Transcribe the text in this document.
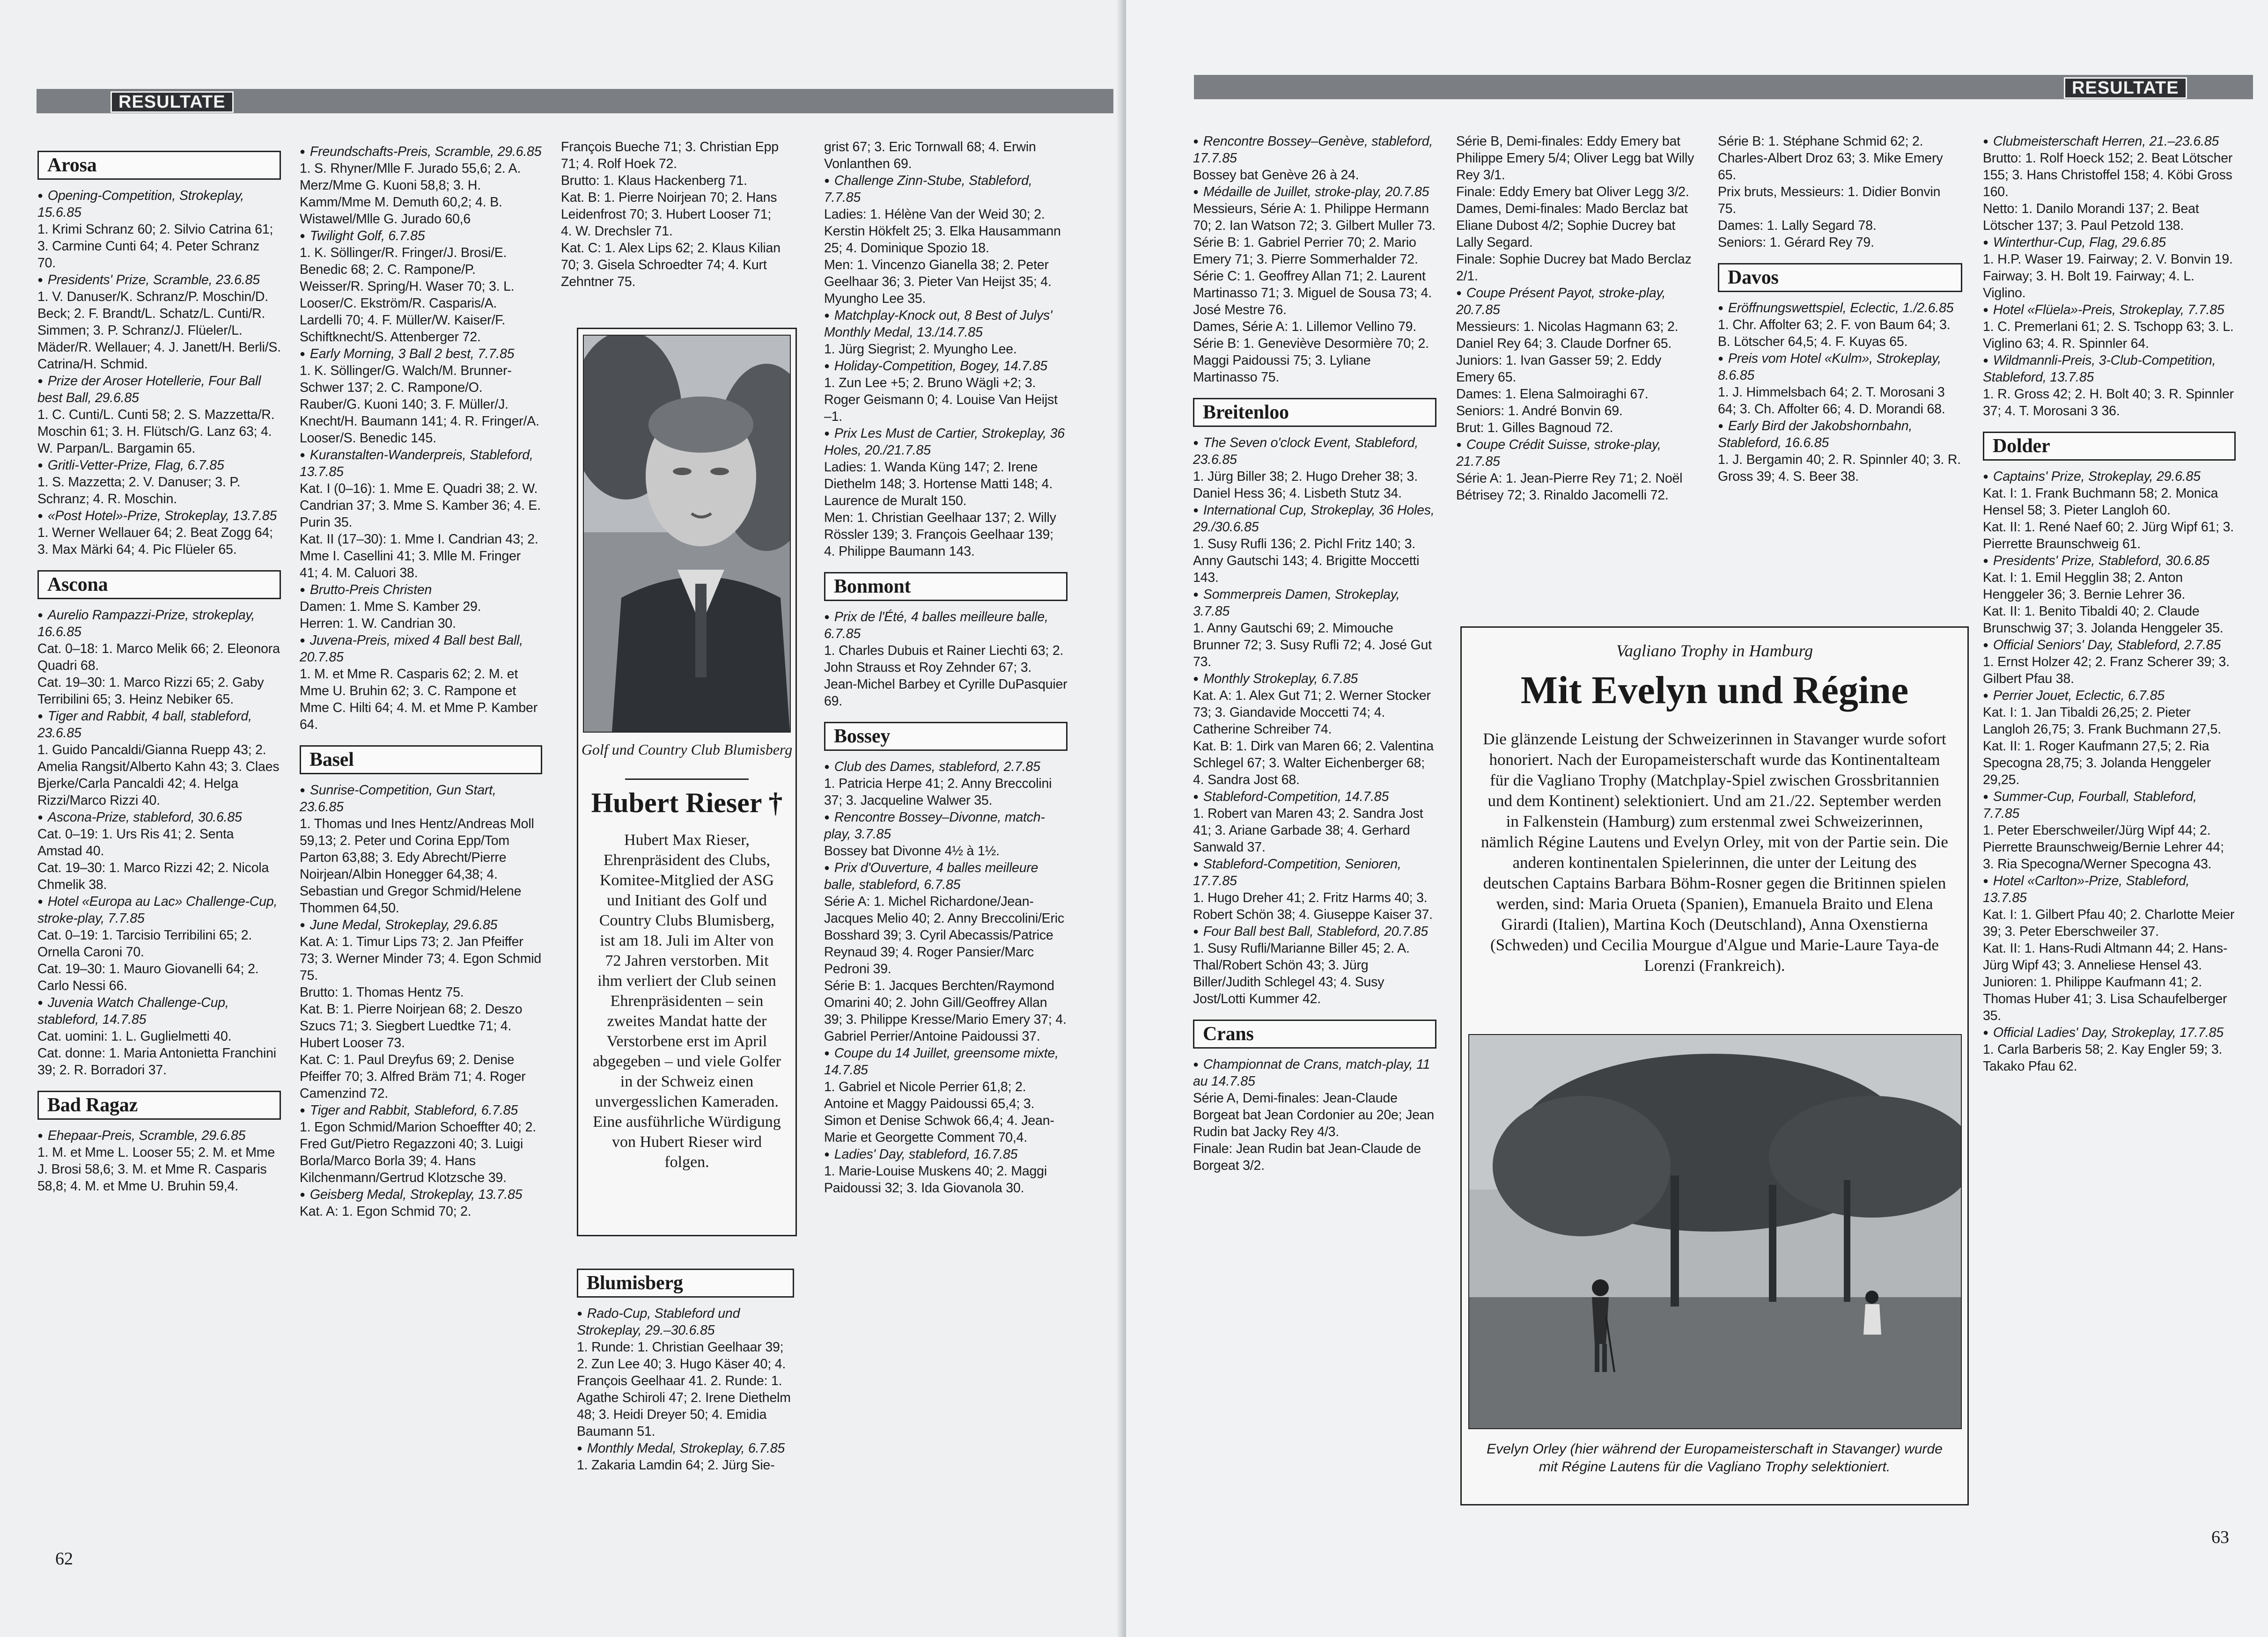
RESULTATE
Arosa
● Opening-Competition, Strokeplay, 15.6.85
1. Krimi Schranz 60; 2. Silvio Catrina 61; 3. Carmine Cunti 64; 4. Peter Schranz 70.
● Presidents' Prize, Scramble, 23.6.85
1. V. Danuser/K. Schranz/P. Moschin/D. Beck; 2. F. Brandt/L. Schatz/L. Cunti/R. Simmen; 3. P. Schranz/J. Flüeler/L. Mäder/R. Wellauer; 4. J. Janett/H. Berli/S. Catrina/H. Schmid.
● Prize der Aroser Hotellerie, Four Ball best Ball, 29.6.85
1. C. Cunti/L. Cunti 58; 2. S. Mazzetta/R. Moschin 61; 3. H. Flütsch/G. Lanz 63; 4. W. Parpan/L. Bargamin 65.
● Gritli-Vetter-Prize, Flag, 6.7.85
1. S. Mazzetta; 2. V. Danuser; 3. P. Schranz; 4. R. Moschin.
● «Post Hotel»-Prize, Strokeplay, 13.7.85
1. Werner Wellauer 64; 2. Beat Zogg 64; 3. Max Märki 64; 4. Pic Flüeler 65.
Ascona
● Aurelio Rampazzi-Prize, strokeplay, 16.6.85
Cat. 0–18: 1. Marco Melik 66; 2. Eleonora Quadri 68.
Cat. 19–30: 1. Marco Rizzi 65; 2. Gaby Terribilini 65; 3. Heinz Nebiker 65.
● Tiger and Rabbit, 4 ball, stableford, 23.6.85
1. Guido Pancaldi/Gianna Ruepp 43; 2. Amelia Rangsit/Alberto Kahn 43; 3. Claes Bjerke/Carla Pancaldi 42; 4. Helga Rizzi/Marco Rizzi 40.
● Ascona-Prize, stableford, 30.6.85
Cat. 0–19: 1. Urs Ris 41; 2. Senta Amstad 40.
Cat. 19–30: 1. Marco Rizzi 42; 2. Nicola Chmelik 38.
● Hotel «Europa au Lac» Challenge-Cup, stroke-play, 7.7.85
Cat. 0–19: 1. Tarcisio Terribilini 65; 2. Ornella Caroni 70.
Cat. 19–30: 1. Mauro Giovanelli 64; 2. Carlo Nessi 66.
● Juvenia Watch Challenge-Cup, stableford, 14.7.85
Cat. uomini: 1. L. Guglielmetti 40.
Cat. donne: 1. Maria Antonietta Franchini 39; 2. R. Borradori 37.
Bad Ragaz
● Ehepaar-Preis, Scramble, 29.6.85
1. M. et Mme L. Looser 55; 2. M. et Mme J. Brosi 58,6; 3. M. et Mme R. Casparis 58,8; 4. M. et Mme U. Bruhin 59,4.
● Freundschafts-Preis, Scramble, 29.6.85
1. S. Rhyner/Mlle F. Jurado 55,6; 2. A. Merz/Mme G. Kuoni 58,8; 3. H. Kamm/Mme M. Demuth 60,2; 4. B. Wistawel/Mlle G. Jurado 60,6
● Twilight Golf, 6.7.85
1. K. Söllinger/R. Fringer/J. Brosi/E. Benedic 68; 2. C. Rampone/P. Weisser/R. Spring/H. Waser 70; 3. L. Looser/C. Ekström/R. Casparis/A. Lardelli 70; 4. F. Müller/W. Kaiser/F. Schiftknecht/S. Attenberger 72.
● Early Morning, 3 Ball 2 best, 7.7.85
1. K. Söllinger/G. Walch/M. Brunner-Schwer 137; 2. C. Rampone/O. Rauber/G. Kuoni 140; 3. F. Müller/J. Knecht/H. Baumann 141; 4. R. Fringer/A. Looser/S. Benedic 145.
● Kuranstalten-Wanderpreis, Stableford, 13.7.85
Kat. I (0–16): 1. Mme E. Quadri 38; 2. W. Candrian 37; 3. Mme S. Kamber 36; 4. E. Purin 35.
Kat. II (17–30): 1. Mme I. Candrian 43; 2. Mme I. Casellini 41; 3. Mlle M. Fringer 41; 4. M. Caluori 38.
● Brutto-Preis Christen
Damen: 1. Mme S. Kamber 29.
Herren: 1. W. Candrian 30.
● Juvena-Preis, mixed 4 Ball best Ball, 20.7.85
1. M. et Mme R. Casparis 62; 2. M. et Mme U. Bruhin 62; 3. C. Rampone et Mme C. Hilti 64; 4. M. et Mme P. Kamber 64.
Basel
● Sunrise-Competition, Gun Start, 23.6.85
1. Thomas und Ines Hentz/Andreas Moll 59,13; 2. Peter und Corina Epp/Tom Parton 63,88; 3. Edy Abrecht/Pierre Noirjean/Albin Honegger 64,38; 4. Sebastian und Gregor Schmid/Helene Thommen 64,50.
● June Medal, Strokeplay, 29.6.85
Kat. A: 1. Timur Lips 73; 2. Jan Pfeiffer 73; 3. Werner Minder 73; 4. Egon Schmid 75.
Brutto: 1. Thomas Hentz 75.
Kat. B: 1. Pierre Noirjean 68; 2. Deszo Szucs 71; 3. Siegbert Luedtke 71; 4. Hubert Looser 73.
Kat. C: 1. Paul Dreyfus 69; 2. Denise Pfeiffer 70; 3. Alfred Bräm 71; 4. Roger Camenzind 72.
● Tiger and Rabbit, Stableford, 6.7.85
1. Egon Schmid/Marion Schoeffter 40; 2. Fred Gut/Pietro Regazzoni 40; 3. Luigi Borla/Marco Borla 39; 4. Hans Kilchenmann/Gertrud Klotzsche 39.
● Geisberg Medal, Strokeplay, 13.7.85
Kat. A: 1. Egon Schmid 70; 2.
François Bueche 71; 3. Christian Epp 71; 4. Rolf Hoek 72.
Brutto: 1. Klaus Hackenberg 71.
Kat. B: 1. Pierre Noirjean 70; 2. Hans Leidenfrost 70; 3. Hubert Looser 71; 4. W. Drechsler 71.
Kat. C: 1. Alex Lips 62; 2. Klaus Kilian 70; 3. Gisela Schroedter 74; 4. Kurt Zehntner 75.
Golf und Country Club Blumisberg
Hubert Rieser †
Hubert Max Rieser, Ehrenpräsident des Clubs, Komitee-Mitglied der ASG und Initiant des Golf und Country Clubs Blumisberg, ist am 18. Juli im Alter von 72 Jahren verstorben. Mit ihm verliert der Club seinen Ehrenpräsidenten – sein zweites Mandat hatte der Verstorbene erst im April abgegeben – und viele Golfer in der Schweiz einen unvergesslichen Kameraden. Eine ausführliche Würdigung von Hubert Rieser wird folgen.
Blumisberg
● Rado-Cup, Stableford und Strokeplay, 29.–30.6.85
1. Runde: 1. Christian Geelhaar 39; 2. Zun Lee 40; 3. Hugo Käser 40; 4. François Geelhaar 41. 2. Runde: 1. Agathe Schiroli 47; 2. Irene Diethelm 48; 3. Heidi Dreyer 50; 4. Emidia Baumann 51.
● Monthly Medal, Strokeplay, 6.7.85
1. Zakaria Lamdin 64; 2. Jürg Sie-
grist 67; 3. Eric Tornwall 68; 4. Erwin Vonlanthen 69.
● Challenge Zinn-Stube, Stableford, 7.7.85
Ladies: 1. Hélène Van der Weid 30; 2. Kerstin Hökfelt 25; 3. Elka Hausammann 25; 4. Dominique Spozio 18.
Men: 1. Vincenzo Gianella 38; 2. Peter Geelhaar 36; 3. Pieter Van Heijst 35; 4. Myungho Lee 35.
● Matchplay-Knock out, 8 Best of Julys' Monthly Medal, 13./14.7.85
1. Jürg Siegrist; 2. Myungho Lee.
● Holiday-Competition, Bogey, 14.7.85
1. Zun Lee +5; 2. Bruno Wägli +2; 3. Roger Geismann 0; 4. Louise Van Heijst –1.
● Prix Les Must de Cartier, Strokeplay, 36 Holes, 20./21.7.85
Ladies: 1. Wanda Küng 147; 2. Irene Diethelm 148; 3. Hortense Matti 148; 4. Laurence de Muralt 150.
Men: 1. Christian Geelhaar 137; 2. Willy Rössler 139; 3. François Geelhaar 139; 4. Philippe Baumann 143.
Bonmont
● Prix de l'Été, 4 balles meilleure balle, 6.7.85
1. Charles Dubuis et Rainer Liechti 63; 2. John Strauss et Roy Zehnder 67; 3. Jean-Michel Barbey et Cyrille DuPasquier 69.
Bossey
● Club des Dames, stableford, 2.7.85
1. Patricia Herpe 41; 2. Anny Breccolini 37; 3. Jacqueline Walwer 35.
● Rencontre Bossey–Divonne, match-play, 3.7.85
Bossey bat Divonne 4½ à 1½.
● Prix d'Ouverture, 4 balles meilleure balle, stableford, 6.7.85
Série A: 1. Michel Richardone/Jean-Jacques Melio 40; 2. Anny Breccolini/Eric Bosshard 39; 3. Cyril Abecassis/Patrice Reynaud 39; 4. Roger Pansier/Marc Pedroni 39.
Série B: 1. Jacques Berchten/Raymond Omarini 40; 2. John Gill/Geoffrey Allan 39; 3. Philippe Kresse/Mario Emery 37; 4. Gabriel Perrier/Antoine Paidoussi 37.
● Coupe du 14 Juillet, greensome mixte, 14.7.85
1. Gabriel et Nicole Perrier 61,8; 2. Antoine et Maggy Paidoussi 65,4; 3. Simon et Denise Schwok 66,4; 4. Jean-Marie et Georgette Comment 70,4.
● Ladies' Day, stableford, 16.7.85
1. Marie-Louise Muskens 40; 2. Maggi Paidoussi 32; 3. Ida Giovanola 30.
62
RESULTATE
● Rencontre Bossey–Genève, stableford, 17.7.85
Bossey bat Genève 26 à 24.
● Médaille de Juillet, stroke-play, 20.7.85
Messieurs, Série A: 1. Philippe Hermann 70; 2. Ian Watson 72; 3. Gilbert Muller 73.
Série B: 1. Gabriel Perrier 70; 2. Mario Emery 71; 3. Pierre Sommerhalder 72.
Série C: 1. Geoffrey Allan 71; 2. Laurent Martinasso 71; 3. Miguel de Sousa 73; 4. José Mestre 76.
Dames, Série A: 1. Lillemor Vellino 79.
Série B: 1. Geneviève Desormière 70; 2. Maggi Paidoussi 75; 3. Lyliane Martinasso 75.
Breitenloo
● The Seven o'clock Event, Stableford, 23.6.85
1. Jürg Biller 38; 2. Hugo Dreher 38; 3. Daniel Hess 36; 4. Lisbeth Stutz 34.
● International Cup, Strokeplay, 36 Holes, 29./30.6.85
1. Susy Rufli 136; 2. Pichl Fritz 140; 3. Anny Gautschi 143; 4. Brigitte Moccetti 143.
● Sommerpreis Damen, Strokeplay, 3.7.85
1. Anny Gautschi 69; 2. Mimouche Brunner 72; 3. Susy Rufli 72; 4. José Gut 73.
● Monthly Strokeplay, 6.7.85
Kat. A: 1. Alex Gut 71; 2. Werner Stocker 73; 3. Giandavide Moccetti 74; 4. Catherine Schreiber 74.
Kat. B: 1. Dirk van Maren 66; 2. Valentina Schlegel 67; 3. Walter Eichenberger 68; 4. Sandra Jost 68.
● Stableford-Competition, 14.7.85
1. Robert van Maren 43; 2. Sandra Jost 41; 3. Ariane Garbade 38; 4. Gerhard Sanwald 37.
● Stableford-Competition, Senioren, 17.7.85
1. Hugo Dreher 41; 2. Fritz Harms 40; 3. Robert Schön 38; 4. Giuseppe Kaiser 37.
● Four Ball best Ball, Stableford, 20.7.85
1. Susy Rufli/Marianne Biller 45; 2. A. Thal/Robert Schön 43; 3. Jürg Biller/Judith Schlegel 43; 4. Susy Jost/Lotti Kummer 42.
Crans
● Championnat de Crans, match-play, 11 au 14.7.85
Série A, Demi-finales: Jean-Claude Borgeat bat Jean Cordonier au 20e; Jean Rudin bat Jacky Rey 4/3.
Finale: Jean Rudin bat Jean-Claude de Borgeat 3/2.
Série B, Demi-finales: Eddy Emery bat Philippe Emery 5/4; Oliver Legg bat Willy Rey 3/1.
Finale: Eddy Emery bat Oliver Legg 3/2.
Dames, Demi-finales: Mado Berclaz bat Eliane Dubost 4/2; Sophie Ducrey bat Lally Segard.
Finale: Sophie Ducrey bat Mado Berclaz 2/1.
● Coupe Présent Payot, stroke-play, 20.7.85
Messieurs: 1. Nicolas Hagmann 63; 2. Daniel Rey 64; 3. Claude Dorfner 65.
Juniors: 1. Ivan Gasser 59; 2. Eddy Emery 65.
Dames: 1. Elena Salmoiraghi 67.
Seniors: 1. André Bonvin 69.
Brut: 1. Gilles Bagnoud 72.
● Coupe Crédit Suisse, stroke-play, 21.7.85
Série A: 1. Jean-Pierre Rey 71; 2. Noël Bétrisey 72; 3. Rinaldo Jacomelli 72.
Série B: 1. Stéphane Schmid 62; 2. Charles-Albert Droz 63; 3. Mike Emery 65.
Prix bruts, Messieurs: 1. Didier Bonvin 75.
Dames: 1. Lally Segard 78.
Seniors: 1. Gérard Rey 79.
Davos
● Eröffnungswettspiel, Eclectic, 1./2.6.85
1. Chr. Affolter 63; 2. F. von Baum 64; 3. B. Lötscher 64,5; 4. F. Kuyas 65.
● Preis vom Hotel «Kulm», Strokeplay, 8.6.85
1. J. Himmelsbach 64; 2. T. Morosani 3 64; 3. Ch. Affolter 66; 4. D. Morandi 68.
● Early Bird der Jakobshornbahn, Stableford, 16.6.85
1. J. Bergamin 40; 2. R. Spinnler 40; 3. R. Gross 39; 4. S. Beer 38.
● Clubmeisterschaft Herren, 21.–23.6.85
Brutto: 1. Rolf Hoeck 152; 2. Beat Lötscher 155; 3. Hans Christoffel 158; 4. Köbi Gross 160.
Netto: 1. Danilo Morandi 137; 2. Beat Lötscher 137; 3. Paul Petzold 138.
● Winterthur-Cup, Flag, 29.6.85
1. H.P. Waser 19. Fairway; 2. V. Bonvin 19. Fairway; 3. H. Bolt 19. Fairway; 4. L. Viglino.
● Hotel «Flüela»-Preis, Strokeplay, 7.7.85
1. C. Premerlani 61; 2. S. Tschopp 63; 3. L. Viglino 63; 4. R. Spinnler 64.
● Wildmannli-Preis, 3-Club-Competition, Stableford, 13.7.85
1. R. Gross 42; 2. H. Bolt 40; 3. R. Spinnler 37; 4. T. Morosani 3 36.
Dolder
● Captains' Prize, Strokeplay, 29.6.85
Kat. I: 1. Frank Buchmann 58; 2. Monica Hensel 58; 3. Pieter Langloh 60.
Kat. II: 1. René Naef 60; 2. Jürg Wipf 61; 3. Pierrette Braunschweig 61.
● Presidents' Prize, Stableford, 30.6.85
Kat. I: 1. Emil Hegglin 38; 2. Anton Henggeler 36; 3. Bernie Lehrer 36.
Kat. II: 1. Benito Tibaldi 40; 2. Claude Brunschwig 37; 3. Jolanda Henggeler 35.
● Official Seniors' Day, Stableford, 2.7.85
1. Ernst Holzer 42; 2. Franz Scherer 39; 3. Gilbert Pfau 38.
● Perrier Jouet, Eclectic, 6.7.85
Kat. I: 1. Jan Tibaldi 26,25; 2. Pieter Langloh 26,75; 3. Frank Buchmann 27,5.
Kat. II: 1. Roger Kaufmann 27,5; 2. Ria Specogna 28,75; 3. Jolanda Henggeler 29,25.
● Summer-Cup, Fourball, Stableford, 7.7.85
1. Peter Eberschweiler/Jürg Wipf 44; 2. Pierrette Braunschweig/Bernie Lehrer 44; 3. Ria Specogna/Werner Specogna 43.
● Hotel «Carlton»-Prize, Stableford, 13.7.85
Kat. I: 1. Gilbert Pfau 40; 2. Charlotte Meier 39; 3. Peter Eberschweiler 37.
Kat. II: 1. Hans-Rudi Altmann 44; 2. Hans-Jürg Wipf 43; 3. Anneliese Hensel 43.
Junioren: 1. Philippe Kaufmann 41; 2. Thomas Huber 41; 3. Lisa Schaufelberger 35.
● Official Ladies' Day, Strokeplay, 17.7.85
1. Carla Barberis 58; 2. Kay Engler 59; 3. Takako Pfau 62.
Vagliano Trophy in Hamburg
Mit Evelyn und Régine
Die glänzende Leistung der Schweizerinnen in Stavanger wurde sofort honoriert. Nach der Europameisterschaft wurde das Kontinentalteam für die Vagliano Trophy (Matchplay-Spiel zwischen Grossbritannien und dem Kontinent) selektioniert. Und am 21./22. September werden in Falkenstein (Hamburg) zum erstenmal zwei Schweizerinnen, nämlich Régine Lautens und Evelyn Orley, mit von der Partie sein. Die anderen kontinentalen Spielerinnen, die unter der Leitung des deutschen Captains Barbara Böhm-Rosner gegen die Britinnen spielen werden, sind: Maria Orueta (Spanien), Emanuela Braito und Elena Girardi (Italien), Martina Koch (Deutschland), Anna Oxenstierna (Schweden) und Cecilia Mourgue d'Algue und Marie-Laure Taya-de Lorenzi (Frankreich).
Evelyn Orley (hier während der Europameisterschaft in Stavanger) wurde mit Régine Lautens für die Vagliano Trophy selektioniert.
63
